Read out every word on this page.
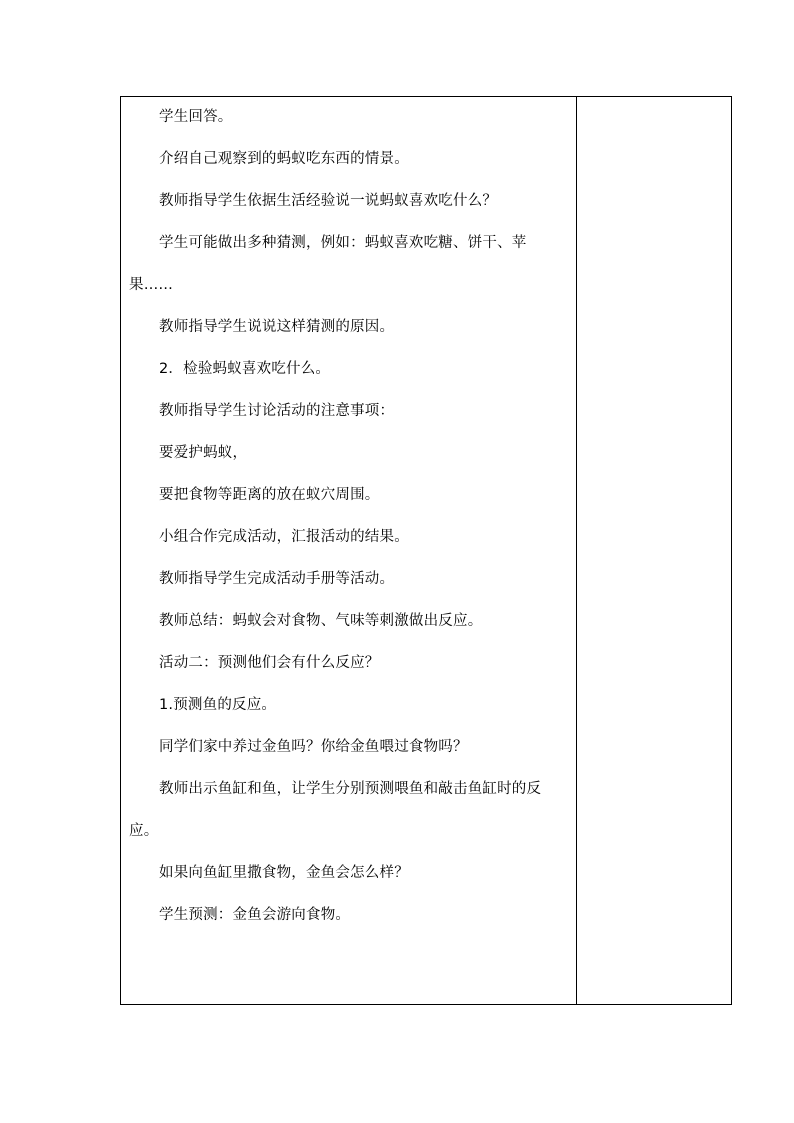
学生回答。
介绍自己观察到的蚂蚁吃东西的情景。
教师指导学生依据生活经验说一说蚂蚁喜欢吃什么？
学生可能做出多种猜测，例如：蚂蚁喜欢吃糖、饼干、苹
果……
教师指导学生说说这样猜测的原因。
2．检验蚂蚁喜欢吃什么。
教师指导学生讨论活动的注意事项：
要爱护蚂蚁，
要把食物等距离的放在蚁穴周围。
小组合作完成活动，汇报活动的结果。
教师指导学生完成活动手册等活动。
教师总结：蚂蚁会对食物、气味等刺激做出反应。
活动二：预测他们会有什么反应？
1.预测鱼的反应。
同学们家中养过金鱼吗？你给金鱼喂过食物吗？
教师出示鱼缸和鱼，让学生分别预测喂鱼和敲击鱼缸时的反
应。
如果向鱼缸里撒食物，金鱼会怎么样？
学生预测：金鱼会游向食物。
